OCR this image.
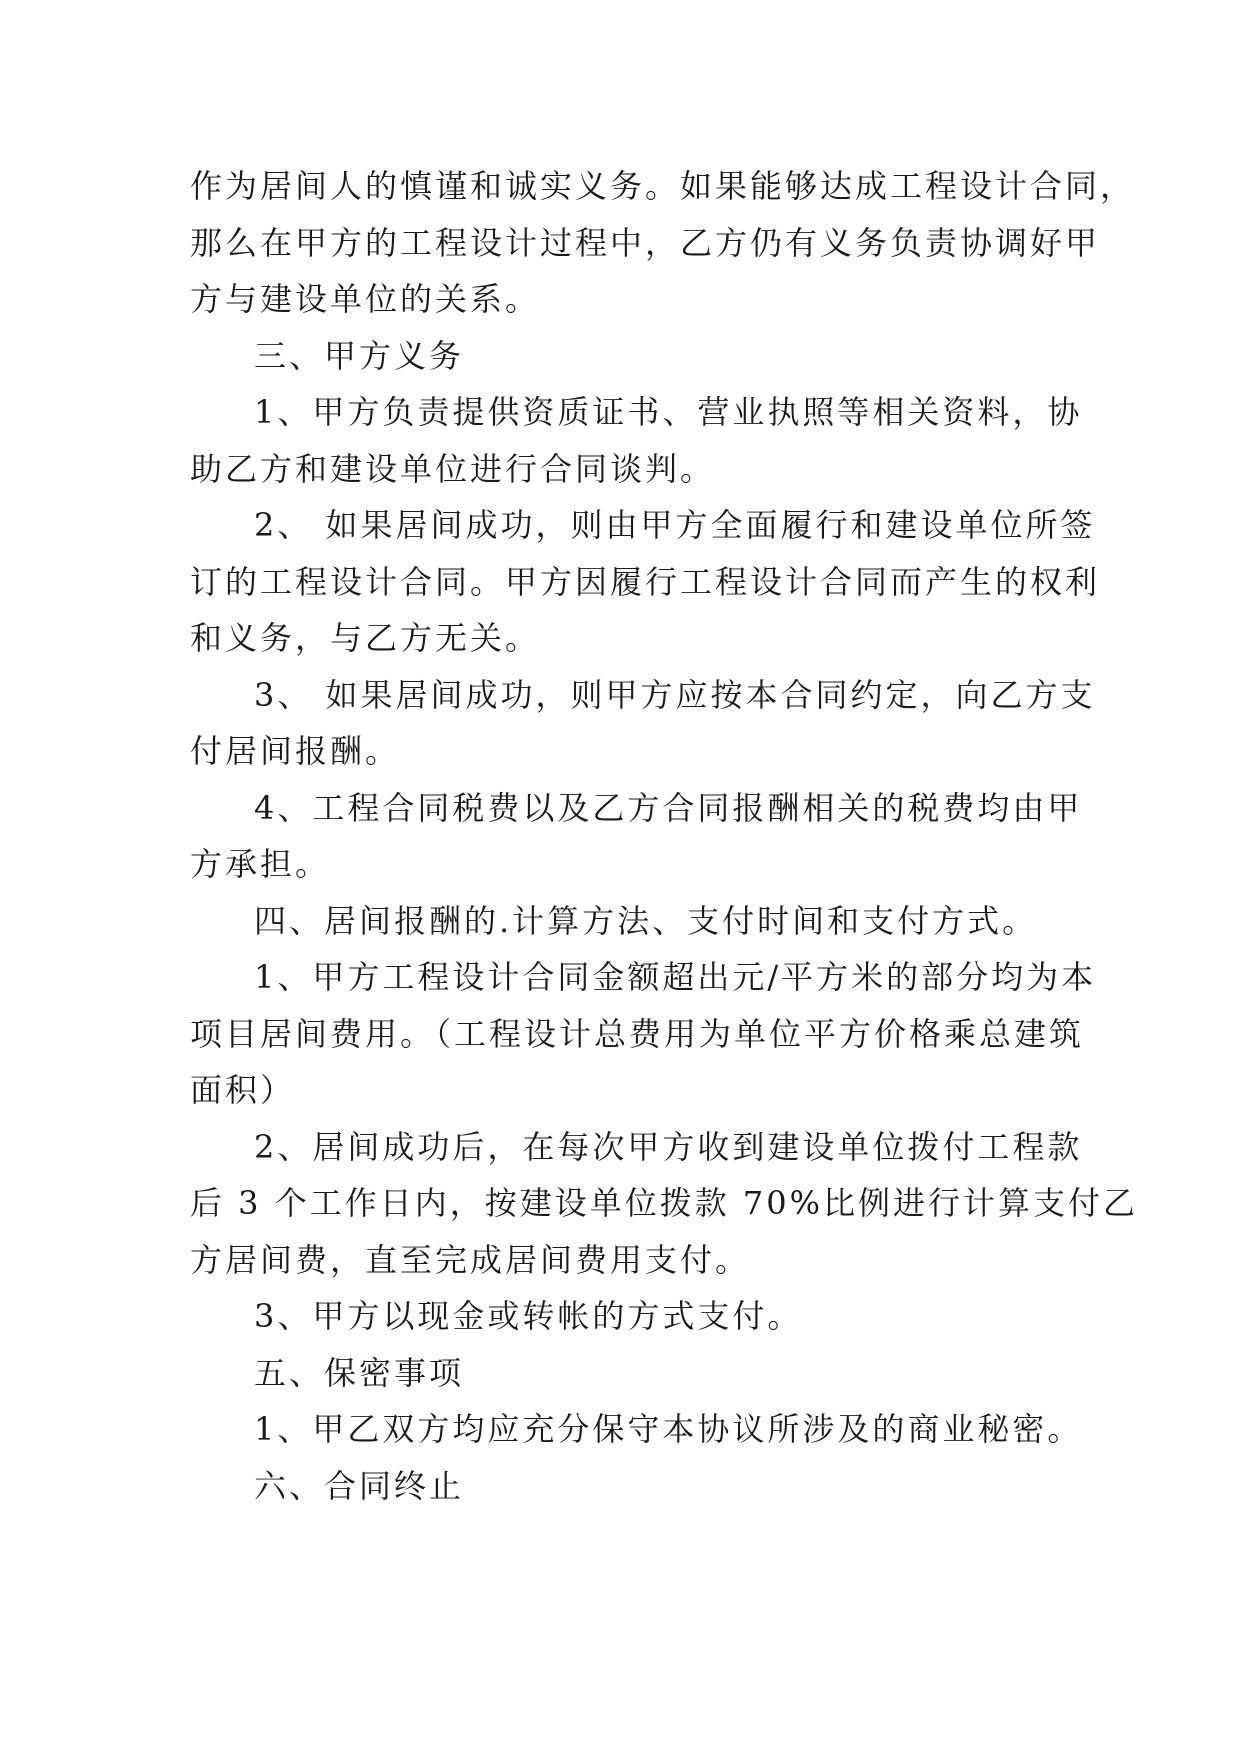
作为居间人的慎谨和诚实义务。如果能够达成工程设计合同，
那么在甲方的工程设计过程中，乙方仍有义务负责协调好甲
方与建设单位的关系。
三、甲方义务
1、甲方负责提供资质证书、营业执照等相关资料，协
助乙方和建设单位进行合同谈判。
2、 如果居间成功，则由甲方全面履行和建设单位所签
订的工程设计合同。甲方因履行工程设计合同而产生的权利
和义务，与乙方无关。
3、 如果居间成功，则甲方应按本合同约定，向乙方支
付居间报酬。
4、工程合同税费以及乙方合同报酬相关的税费均由甲
方承担。
四、居间报酬的.计算方法、支付时间和支付方式。
1、甲方工程设计合同金额超出元/平方米的部分均为本
项目居间费用。（工程设计总费用为单位平方价格乘总建筑
面积）
2、居间成功后，在每次甲方收到建设单位拨付工程款
后 3 个工作日内，按建设单位拨款 70%比例进行计算支付乙
方居间费，直至完成居间费用支付。
3、甲方以现金或转帐的方式支付。
五、保密事项
1、甲乙双方均应充分保守本协议所涉及的商业秘密。
六、合同终止
